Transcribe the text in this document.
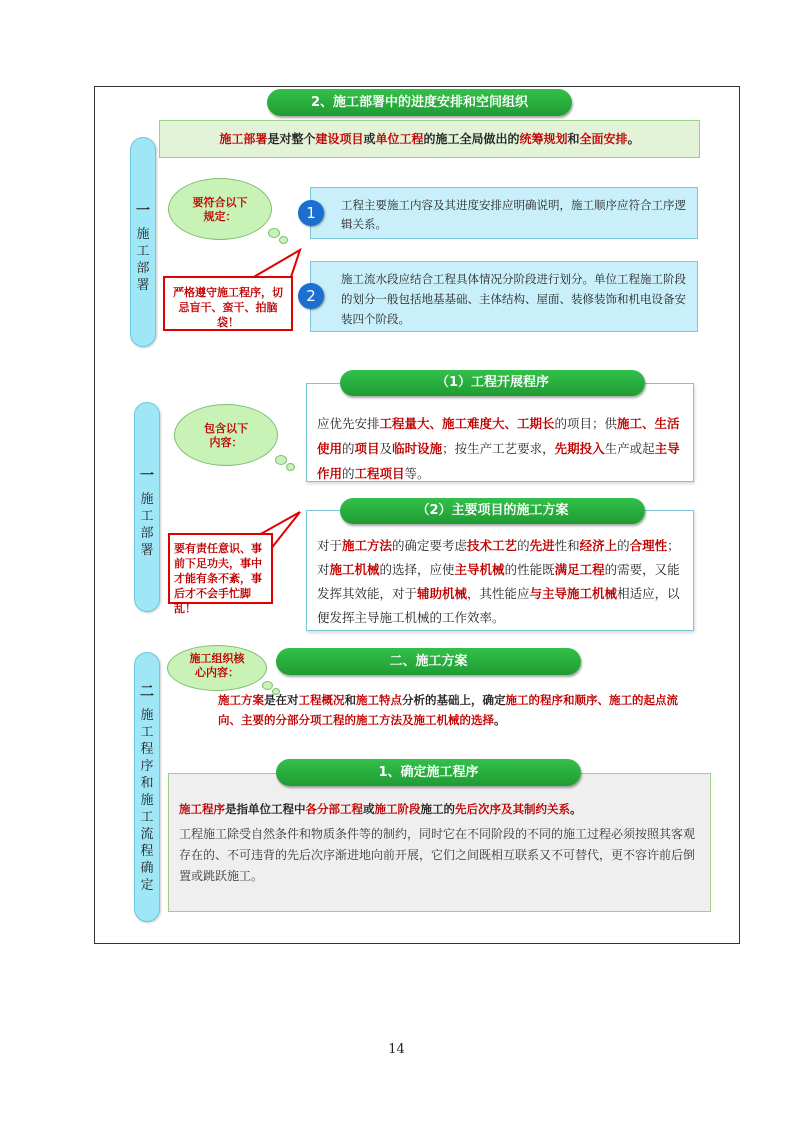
2、施工部署中的进度安排和空间组织
施工部署是对整个建设项目或单位工程的施工全局做出的统筹规划和全面安排。
一
施
工
部
署
要符合以下规定：
工程主要施工内容及其进度安排应明确说明，施工顺序应符合工序逻辑关系。
1
施工流水段应结合工程具体情况分阶段进行划分。单位工程施工阶段的划分一般包括地基基础、主体结构、屋面、装修装饰和机电设备安装四个阶段。
2
严格遵守施工程序，切忌盲干、蛮干、拍脑袋！
一
施
工
部
署
包含以下内容：
应优先安排工程量大、施工难度大、工期长的项目；供施工、生活使用的项目及临时设施；按生产工艺要求，先期投入生产或起主导作用的工程项目等。
（1）工程开展程序
要有责任意识、事前下足功夫，事中才能有条不紊，事后才不会手忙脚乱！
对于施工方法的确定要考虑技术工艺的先进性和经济上的合理性；对施工机械的选择，应使主导机械的性能既满足工程的需要，又能发挥其效能，对于辅助机械，其性能应与主导施工机械相适应，以便发挥主导施工机械的工作效率。
（2）主要项目的施工方案
二
施
工
程
序
和
施
工
流
程
确
定
施工组织核心内容：
二、施工方案
施工方案是在对工程概况和施工特点分析的基础上，确定施工的程序和顺序、施工的起点流向、主要的分部分项工程的施工方法及施工机械的选择。
施工程序是指单位工程中各分部工程或施工阶段施工的先后次序及其制约关系。
工程施工除受自然条件和物质条件等的制约，同时它在不同阶段的不同的施工过程必须按照其客观存在的、不可违背的先后次序渐进地向前开展，它们之间既相互联系又不可替代，更不容许前后倒置或跳跃施工。
1、确定施工程序
14
